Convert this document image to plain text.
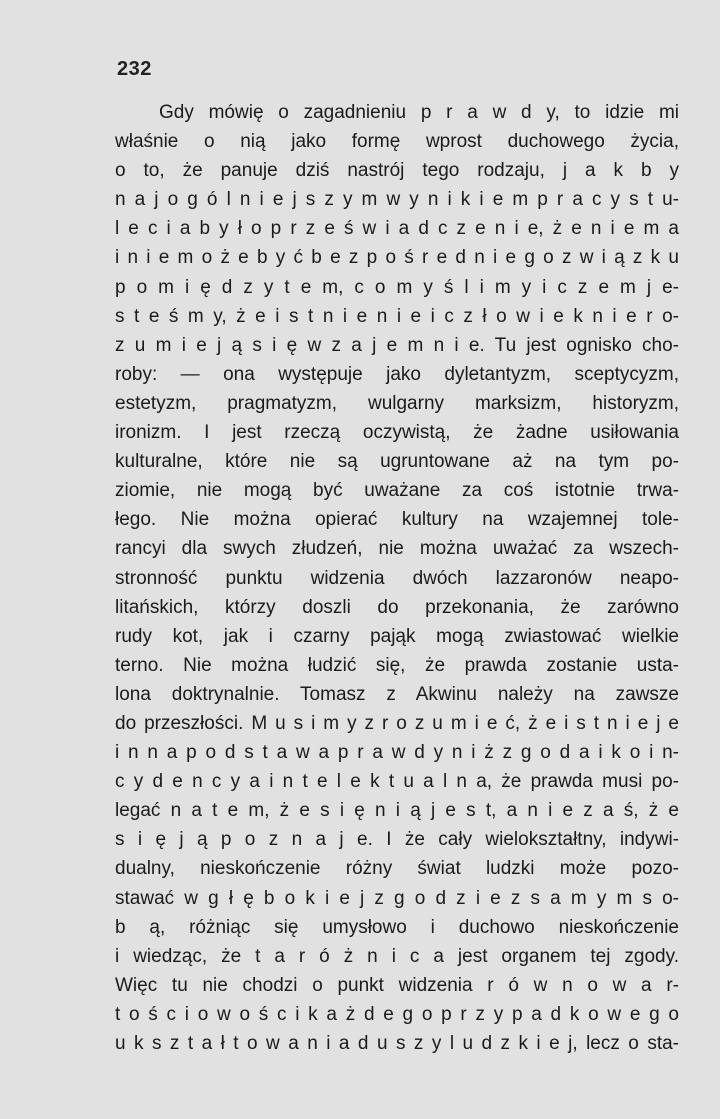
232
Gdy mówię o zagadnieniu p r a w d y, to idzie mi
właśnie o nią jako formę wprost duchowego życia,
o to, że panuje dziś nastrój tego rodzaju, j a k b y
n a j o g ó l n i e j s z y m w y n i k i e m p r a c y s t u-
l e c i a b y ł o p r z e ś w i a d c z e n i e, ż e n i e m a
i n i e m o ż e b y ć b e z p o ś r e d n i e g o z w i ą z k u
p o m i ę d z y t e m, c o m y ś l i m y i c z e m j e-
s t e ś m y, ż e i s t n i e n i e i c z ł o w i e k n i e r o-
z u m i e j ą s i ę w z a j e m n i e. Tu jest ognisko cho-
roby: — ona występuje jako dyletantyzm, sceptycyzm,
estetyzm, pragmatyzm, wulgarny marksizm, historyzm,
ironizm. I jest rzeczą oczywistą, że żadne usiłowania
kulturalne, które nie są ugruntowane aż na tym po-
ziomie, nie mogą być uważane za coś istotnie trwa-
łego. Nie można opierać kultury na wzajemnej tole-
rancyi dla swych złudzeń, nie można uważać za wszech-
stronność punktu widzenia dwóch lazzaronów neapo-
litańskich, którzy doszli do przekonania, że zarówno
rudy kot, jak i czarny pająk mogą zwiastować wielkie
terno. Nie można łudzić się, że prawda zostanie usta-
lona doktrynalnie. Tomasz z Akwinu należy na zawsze
do przeszłości. M u s i m y z r o z u m i e ć, ż e i s t n i e j e
i n n a p o d s t a w a p r a w d y n i ż z g o d a i k o i n-
c y d e n c y a i n t e l e k t u a l n a, że prawda musi po-
legać n a t e m, ż e s i ę n i ą j e s t, a n i e z a ś, ż e
s i ę j ą p o z n a j e. I że cały wielokształtny, indywi-
dualny, nieskończenie różny świat ludzki może pozo-
stawać w g ł ę b o k i e j z g o d z i e z s a m y m s o-
b ą, różniąc się umysłowo i duchowo nieskończenie
i wiedząc, że t a r ó ż n i c a jest organem tej zgody.
Więc tu nie chodzi o punkt widzenia r ó w n o w a r-
t o ś c i o w o ś c i k a ż d e g o p r z y p a d k o w e g o
u k s z t a ł t o w a n i a d u s z y l u d z k i e j, lecz o sta-
